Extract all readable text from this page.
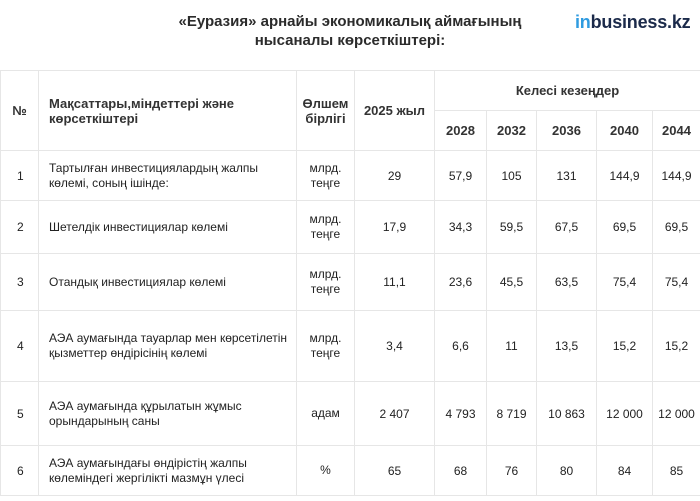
«Еуразия» арнайы экономикалық аймағының
нысаналы көрсеткіштері:
inbusiness.kz
№	Мақсаттары,міндеттері және көрсеткіштері	Өлшем бірлігі	2025 жыл	Келесі кезеңдер				
				2028	2032	2036	2040	2044
1	Тартылған инвестициялардың жалпы көлемі, соның ішінде:	млрд. теңге	29	57,9	105	131	144,9	144,9
2	Шетелдік инвестициялар көлемі	млрд. теңге	17,9	34,3	59,5	67,5	69,5	69,5
3	Отандық инвестициялар көлемі	млрд. теңге	11,1	23,6	45,5	63,5	75,4	75,4
4	АЭА аумағында тауарлар мен көрсетілетін қызметтер өндірісінің көлемі	млрд. теңге	3,4	6,6	11	13,5	15,2	15,2
5	АЭА аумағында құрылатын жұмыс орындарының саны	адам	2 407	4 793	8 719	10 863	12 000	12 000
6	АЭА аумағындағы өндірістің жалпы көлеміндегі жергілікті мазмұн үлесі	%	65	68	76	80	84	85
